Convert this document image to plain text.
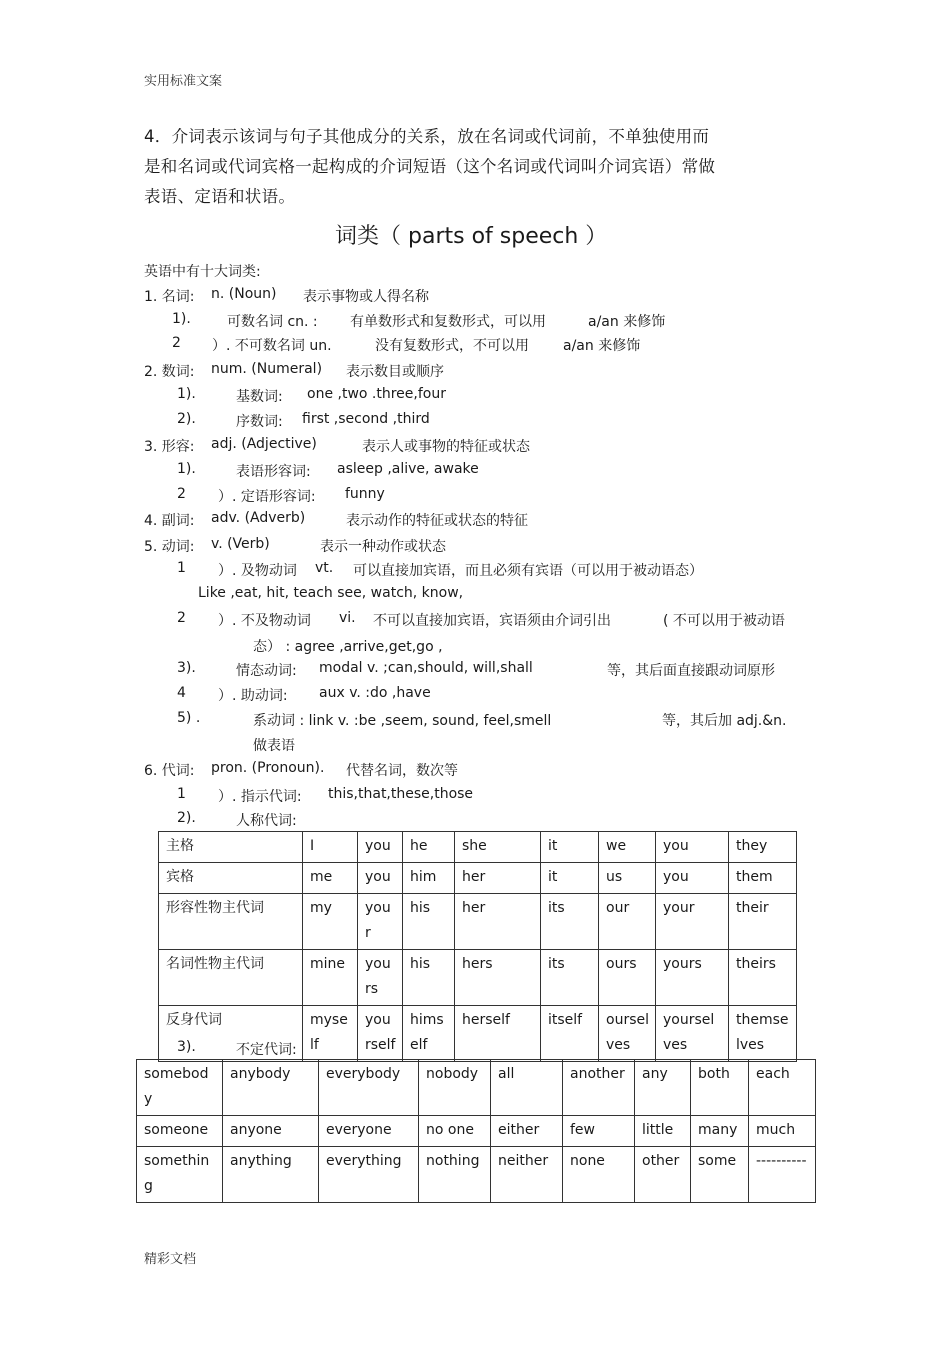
实用标准文案
4．介词表示该词与句子其他成分的关系，放在名词或代词前，不单独使用而
是和名词或代词宾格一起构成的介词短语（这个名词或代词叫介词宾语）常做
表语、定语和状语。
词类（ parts of speech ）
英语中有十大词类:
1. 名词: n. (Noun) 表示事物或人得名称
1).	可数名词 cn. : 有单数形式和复数形式，可以用	a/an 来修饰
2 ）. 不可数名词 un.	没有复数形式，不可以用 a/an 来修饰
2. 数词: num. (Numeral) 表示数目或顺序
1).	基数词: one ,two .three,four
2).	序数词: first ,second ,third
3. 形容: adj. (Adjective)	表示人或事物的特征或状态
1).	表语形容词: asleep ,alive, awake
2 ）. 定语形容词: funny
4. 副词: adv. (Adverb)	表示动作的特征或状态的特征
5. 动词: v. (Verb)	表示一种动作或状态
1 ）. 及物动词 vt. 可以直接加宾语，而且必须有宾语（可以用于被动语态）
Like ,eat, hit, teach see, watch, know,
2 ）. 不及物动词 vi. 不可以直接加宾语，宾语须由介词引出	( 不可以用于被动语
态） : agree ,arrive,get,go ,
3).	情态动词: modal v. ;can,should, will,shall	等，其后面直接跟动词原形
4 ）. 助动词: aux v. :do ,have
5) .	系动词 : link v. :be ,seem, sound, feel,smell	等，其后加 adj.&n.
做表语
6. 代词: pron. (Pronoun). 代替名词，数次等
1 ）. 指示代词: this,that,these,those
2).	人称代词:
主格	I	you	he	she	it	we	you	they
宾格	me	you	him	her	it	us	you	them
形容性物主代词	my	your	his	her	its	our	your	their
名词性物主代词	mine	yours	his	hers	its	ours	yours	theirs
反身代词	myself	yourself	himself	herself	itself	ourselves	yourselves	themselves
3).	不定代词:
somebody	anybody	everybody	nobody	all	another	any	both	each
someone	anyone	everyone	no one	either	few	little	many	much
something	anything	everything	nothing	neither	none	other	some	----------
精彩文档
